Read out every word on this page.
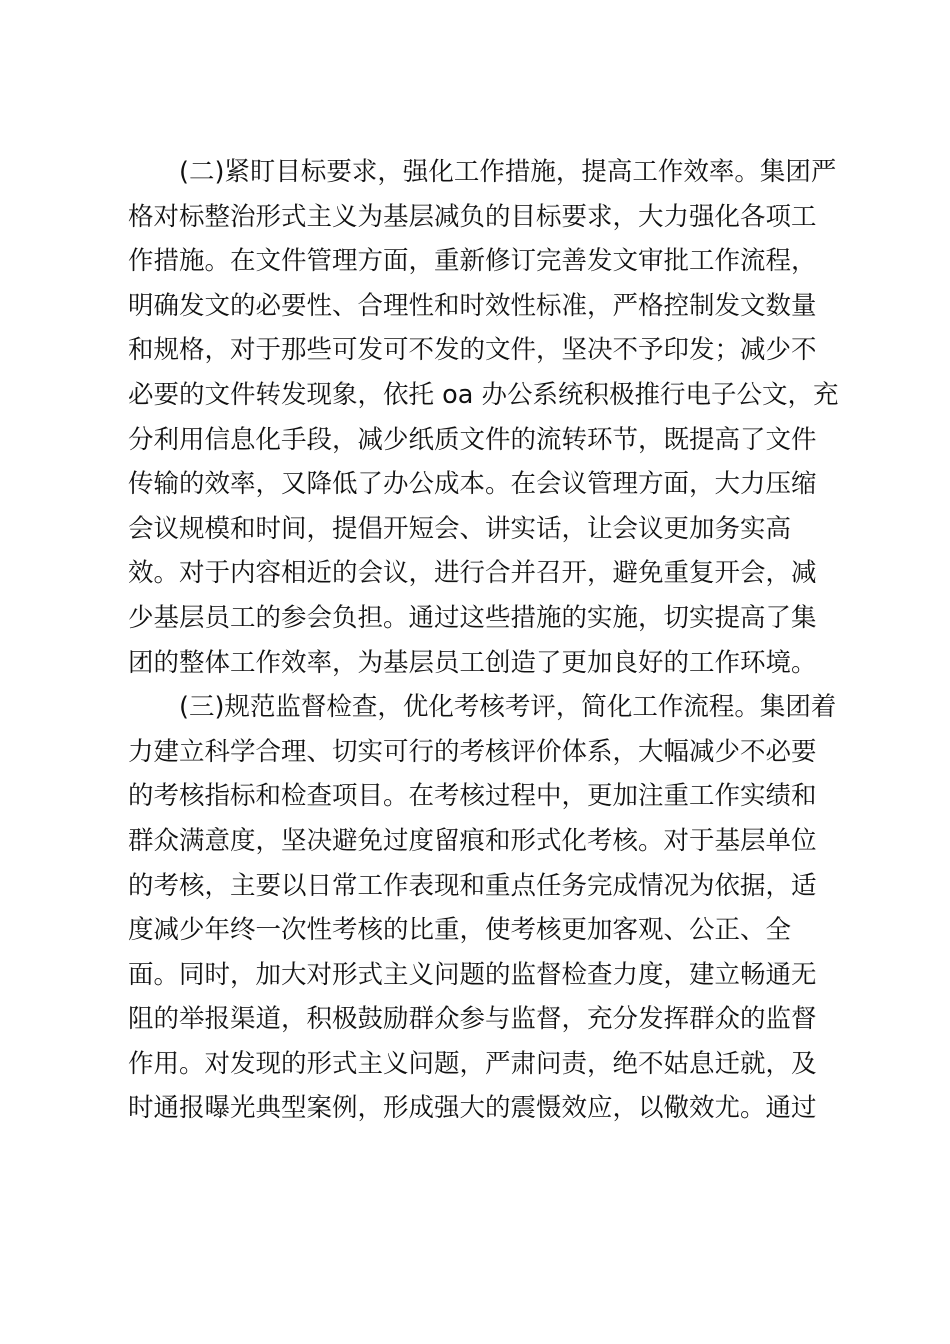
(二)紧盯目标要求，强化工作措施，提高工作效率。集团严
格对标整治形式主义为基层减负的目标要求，大力强化各项工
作措施。在文件管理方面，重新修订完善发文审批工作流程，
明确发文的必要性、合理性和时效性标准，严格控制发文数量
和规格，对于那些可发可不发的文件，坚决不予印发；减少不
必要的文件转发现象，依托 oa 办公系统积极推行电子公文，充
分利用信息化手段，减少纸质文件的流转环节，既提高了文件
传输的效率，又降低了办公成本。在会议管理方面，大力压缩
会议规模和时间，提倡开短会、讲实话，让会议更加务实高
效。对于内容相近的会议，进行合并召开，避免重复开会，减
少基层员工的参会负担。通过这些措施的实施，切实提高了集
团的整体工作效率，为基层员工创造了更加良好的工作环境。
(三)规范监督检查，优化考核考评，简化工作流程。集团着
力建立科学合理、切实可行的考核评价体系，大幅减少不必要
的考核指标和检查项目。在考核过程中，更加注重工作实绩和
群众满意度，坚决避免过度留痕和形式化考核。对于基层单位
的考核，主要以日常工作表现和重点任务完成情况为依据，适
度减少年终一次性考核的比重，使考核更加客观、公正、全
面。同时，加大对形式主义问题的监督检查力度，建立畅通无
阻的举报渠道，积极鼓励群众参与监督，充分发挥群众的监督
作用。对发现的形式主义问题，严肃问责，绝不姑息迁就，及
时通报曝光典型案例，形成强大的震慑效应，以儆效尤。通过
